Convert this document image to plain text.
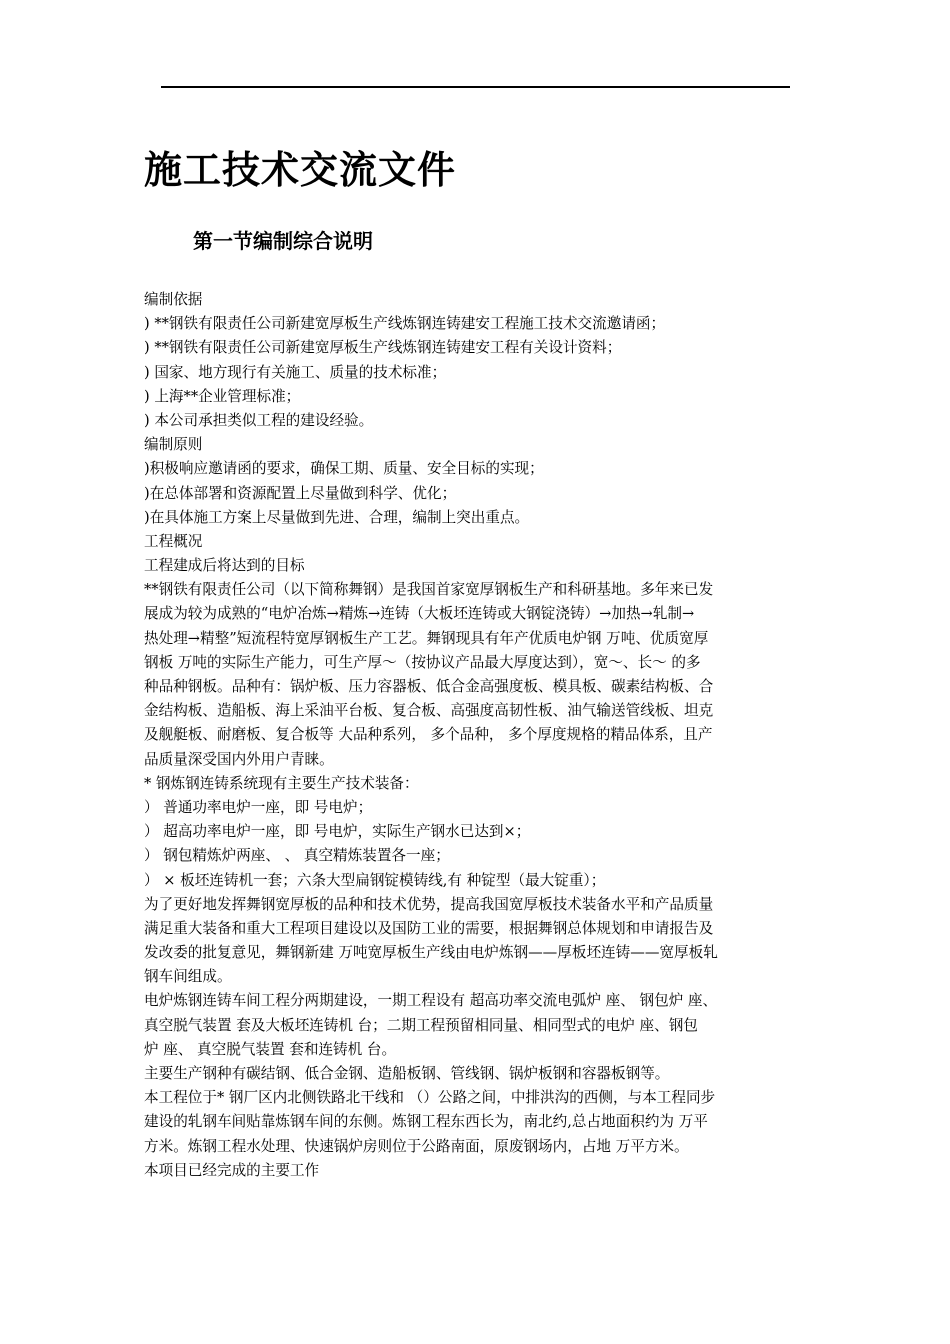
施工技术交流文件
第一节编制综合说明
编制依据
) **钢铁有限责任公司新建宽厚板生产线炼钢连铸建安工程施工技术交流邀请函；
) **钢铁有限责任公司新建宽厚板生产线炼钢连铸建安工程有关设计资料；
) 国家、地方现行有关施工、质量的技术标准；
) 上海**企业管理标准；
) 本公司承担类似工程的建设经验。
编制原则
)积极响应邀请函的要求，确保工期、质量、安全目标的实现；
)在总体部署和资源配置上尽量做到科学、优化；
)在具体施工方案上尽量做到先进、合理，编制上突出重点。
工程概况
工程建成后将达到的目标
**钢铁有限责任公司（以下简称舞钢）是我国首家宽厚钢板生产和科研基地。多年来已发
展成为较为成熟的“电炉冶炼→精炼→连铸（大板坯连铸或大钢锭浇铸）→加热→轧制→
热处理→精整”短流程特宽厚钢板生产工艺。舞钢现具有年产优质电炉钢 万吨、优质宽厚
钢板 万吨的实际生产能力，可生产厚～（按协议产品最大厚度达到），宽～、长～ 的多
种品种钢板。品种有：锅炉板、压力容器板、低合金高强度板、模具板、碳素结构板、合
金结构板、造船板、海上采油平台板、复合板、高强度高韧性板、油气输送管线板、坦克
及舰艇板、耐磨板、复合板等 大品种系列， 多个品种， 多个厚度规格的精品体系，且产
品质量深受国内外用户青睐。
* 钢炼钢连铸系统现有主要生产技术装备：
） 普通功率电炉一座，即 号电炉；
） 超高功率电炉一座，即 号电炉，实际生产钢水已达到×；
） 钢包精炼炉两座、 、 真空精炼装置各一座；
） × 板坯连铸机一套；六条大型扁钢锭模铸线,有 种锭型（最大锭重）；
为了更好地发挥舞钢宽厚板的品种和技术优势，提高我国宽厚板技术装备水平和产品质量
满足重大装备和重大工程项目建设以及国防工业的需要，根据舞钢总体规划和申请报告及
发改委的批复意见，舞钢新建 万吨宽厚板生产线由电炉炼钢——厚板坯连铸——宽厚板轧
钢车间组成。
电炉炼钢连铸车间工程分两期建设，一期工程设有 超高功率交流电弧炉 座、 钢包炉 座、
真空脱气装置 套及大板坯连铸机 台；二期工程预留相同量、相同型式的电炉 座、钢包
炉 座、 真空脱气装置 套和连铸机 台。
主要生产钢种有碳结钢、低合金钢、造船板钢、管线钢、锅炉板钢和容器板钢等。
本工程位于* 钢厂区内北侧铁路北干线和 （）公路之间，中排洪沟的西侧，与本工程同步
建设的轧钢车间贴靠炼钢车间的东侧。炼钢工程东西长为，南北约,总占地面积约为 万平
方米。炼钢工程水处理、快速锅炉房则位于公路南面，原废钢场内，占地 万平方米。
本项目已经完成的主要工作
